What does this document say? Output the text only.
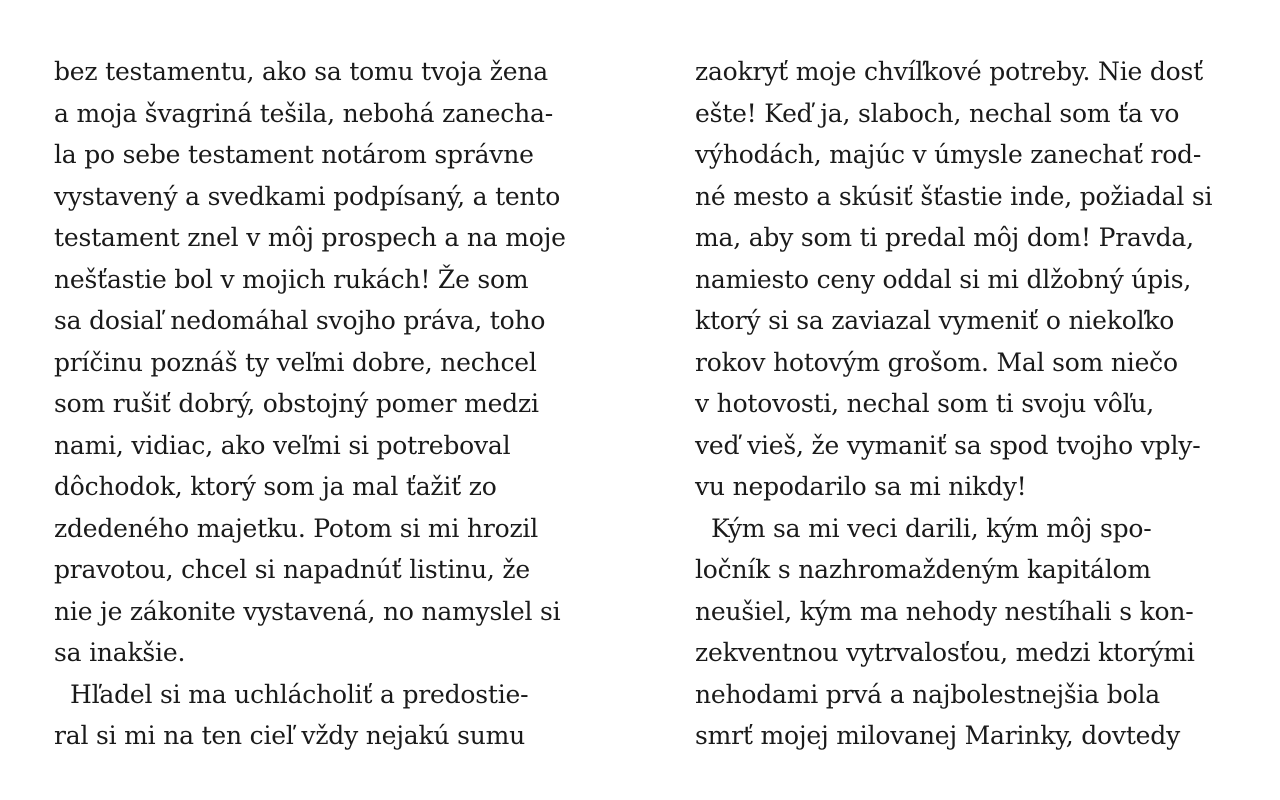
bez testamentu, ako sa tomu tvoja žena
a moja švagriná tešila, nebohá zanecha-
la po sebe testament notárom správne
vystavený a svedkami podpísaný, a tento
testament znel v môj prospech a na moje
nešťastie bol v mojich rukách! Že som
sa dosiaľ nedomáhal svojho práva, toho
príčinu poznáš ty veľmi dobre, nechcel
som rušiť dobrý, obstojný pomer medzi
nami, vidiac, ako veľmi si potreboval
dôchodok, ktorý som ja mal ťažiť zo
zdedeného majetku. Potom si mi hrozil
pravotou, chcel si napadnúť listinu, že
nie je zákonite vystavená, no namyslel si
sa inakšie.
Hľadel si ma uchlácholiť a predostie-
ral si mi na ten cieľ vždy nejakú sumu
zaokryť moje chvíľkové potreby. Nie dosť
ešte! Keď ja, slaboch, nechal som ťa vo
výhodách, majúc v úmysle zanechať rod-
né mesto a skúsiť šťastie inde, požiadal si
ma, aby som ti predal môj dom! Pravda,
namiesto ceny oddal si mi dlžobný úpis,
ktorý si sa zaviazal vymeniť o niekoľko
rokov hotovým grošom. Mal som niečo
v hotovosti, nechal som ti svoju vôľu,
veď vieš, že vymaniť sa spod tvojho vply-
vu nepodarilo sa mi nikdy!
Kým sa mi veci darili, kým môj spo-
ločník s nazhromaždeným kapitálom
neušiel, kým ma nehody nestíhali s kon-
zekventnou vytrvalosťou, medzi ktorými
nehodami prvá a najbolestnejšia bola
smrť mojej milovanej Marinky, dovtedy
